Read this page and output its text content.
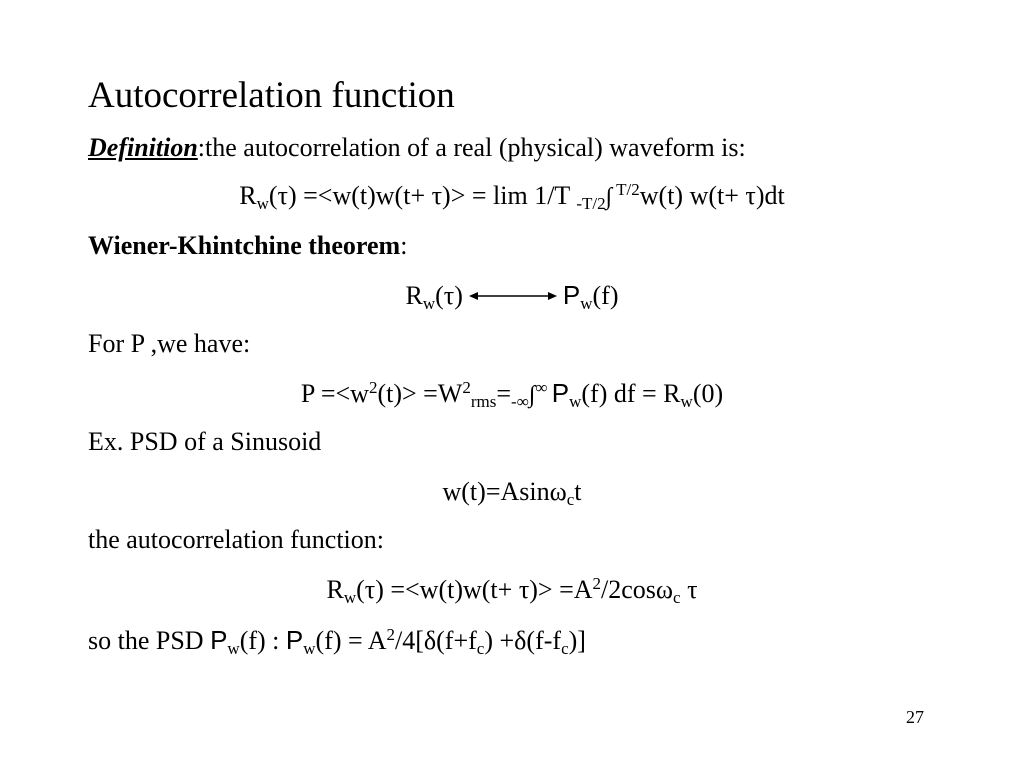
Autocorrelation function
Definition:the autocorrelation of a real (physical) waveform is:
$R_w(\tau) =<w(t)w(t+ \tau)> = \lim 1/T$ $_{-T/2}$∫ $^{T/2}$w(t) w(t+ τ)dt
Wiener-Khintchine theorem:
$R_w(\tau)$	$P_w(f)$
For P ,we have:
$P =<w^2(t)> =W^2_{rms}=_{-\infty}\int^\infty$ $P_w(f)$ df = $R_w(0)$
Ex. PSD of a Sinusoid
w(t)=Asinω$_c$t
the autocorrelation function:
$R_w(\tau) =<w(t)w(t+ \tau)> =A^2/2\cos\omega_c$ τ
so the PSD $P_w(f)$ : $P_w(f) = A^2/4[\delta(f+f_c) +\delta(f-f_c)]$
27
